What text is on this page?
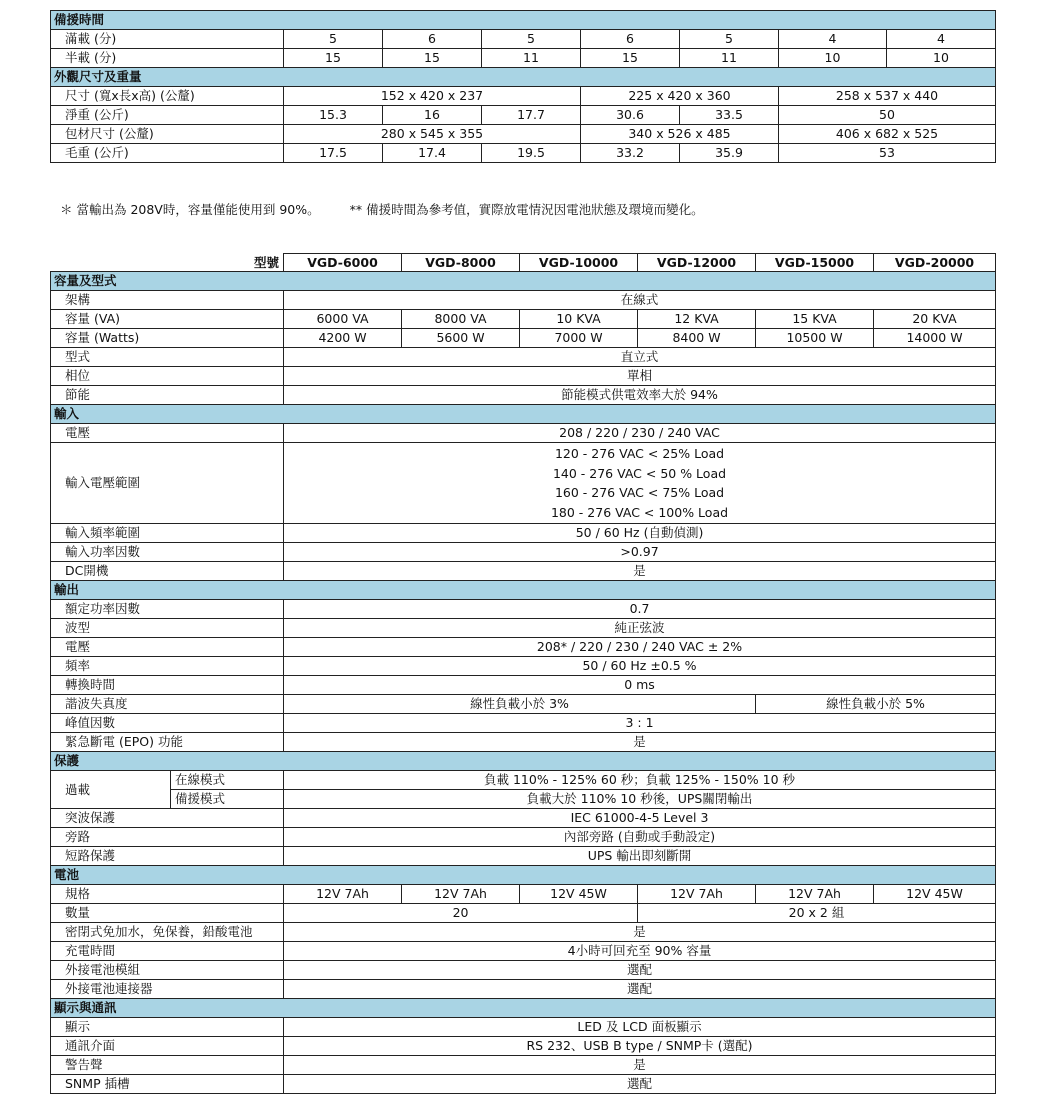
備援時間							
滿載 (分)	5	6	5	6	5	4	4
半載 (分)	15	15	11	15	11	10	10
外觀尺寸及重量							
尺寸 (寬x長x高) (公釐)	152 x 420 x 237			225 x 420 x 360		258 x 537 x 440	
淨重 (公斤)	15.3	16	17.7	30.6	33.5	50	
包材尺寸 (公釐)	280 x 545 x 355			340 x 526 x 485		406 x 682 x 525	
毛重 (公斤)	17.5	17.4	19.5	33.2	35.9	53	
＊ 當輸出為 208V時，容量僅能使用到 90%。 ** 備援時間為參考值，實際放電情況因電池狀態及環境而變化。
型號		VGD-6000	VGD-8000	VGD-10000	VGD-12000	VGD-15000	VGD-20000
容量及型式							
架構		在線式					
容量 (VA)		6000 VA	8000 VA	10 KVA	12 KVA	15 KVA	20 KVA
容量 (Watts)		4200 W	5600 W	7000 W	8400 W	10500 W	14000 W
型式		直立式					
相位		單相					
節能		節能模式供電效率大於 94%					
輸入							
電壓		208 / 220 / 230 / 240 VAC					
輸入電壓範圍		120 - 276 VAC < 25% Load
140 - 276 VAC < 50 % Load
160 - 276 VAC < 75% Load
180 - 276 VAC < 100% Load					

輸入頻率範圍		50 / 60 Hz (自動偵測)					
輸入功率因數		>0.97					
DC開機		是					
輸出							
額定功率因數		0.7					
波型		純正弦波					
電壓		208* / 220 / 230 / 240 VAC ± 2%					
頻率		50 / 60 Hz ±0.5 %					
轉換時間		0 ms					
諧波失真度		線性負載小於 3%				線性負載小於 5%	
峰值因數		3 : 1					
緊急斷電 (EPO) 功能		是					
保護							
過載	在線模式	負載 110% - 125% 60 秒；負載 125% - 150% 10 秒					
	備援模式	負載大於 110% 10 秒後，UPS關閉輸出					
突波保護		IEC 61000-4-5 Level 3					
旁路		內部旁路 (自動或手動設定)					
短路保護		UPS 輸出即刻斷開					
電池							
規格		12V 7Ah	12V 7Ah	12V 45W	12V 7Ah	12V 7Ah	12V 45W
數量		20			20 x 2 組		
密閉式免加水，免保養，鉛酸電池		是					
充電時間		4小時可回充至 90% 容量					
外接電池模組		選配					
外接電池連接器		選配					
顯示與通訊							
顯示		LED 及 LCD 面板顯示					
通訊介面		RS 232、USB B type / SNMP卡 (選配)					
警告聲		是					
SNMP 插槽		選配					
